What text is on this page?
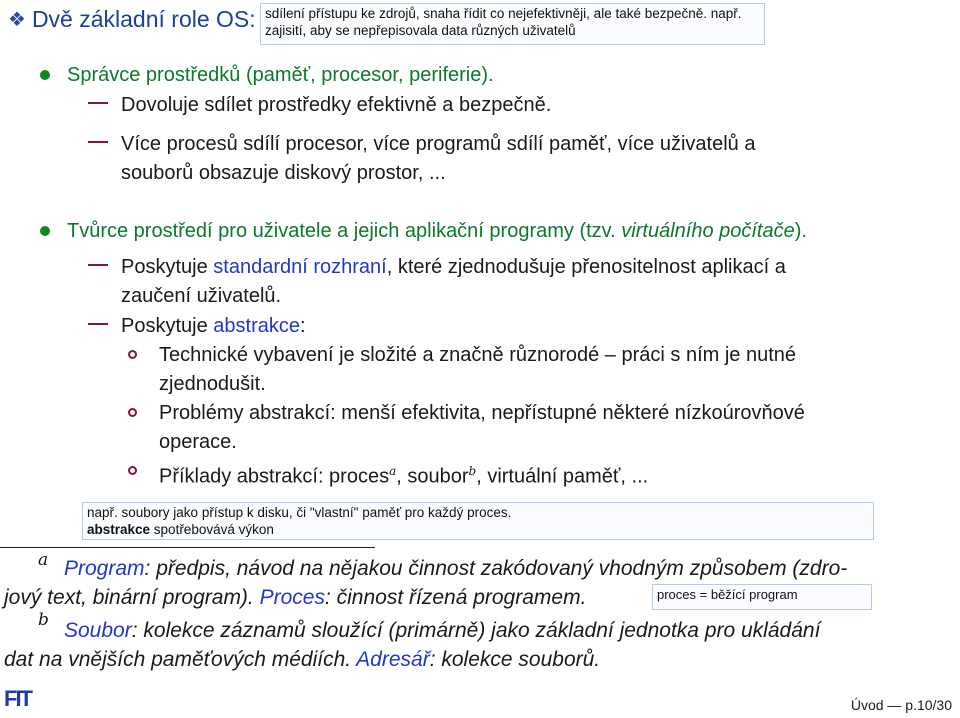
❖ Dvě základní role OS: sdílení přístupu ke zdrojů, snaha řídit co nejefektivněji, ale také bezpečně. např. zajisití, aby se nepřepisovala data různých uživatelů
Správce prostředků (paměť, procesor, periferie).
Dovoluje sdílet prostředky efektivně a bezpečně.
Více procesů sdílí procesor, více programů sdílí paměť, více uživatelů a
souborů obsazuje diskový prostor, ...
Tvůrce prostředí pro uživatele a jejich aplikační programy (tzv. virtuálního počítače).
Poskytuje standardní rozhraní, které zjednodušuje přenositelnost aplikací a
zaučení uživatelů.
Poskytuje abstrakce:
Technické vybavení je složité a značně různorodé – práci s ním je nutné
zjednodušit.
Problémy abstrakcí: menší efektivita, nepřístupné některé nízkoúrovňové
operace.
Příklady abstrakcí: proces$^a$, soubor$^b$, virtuální paměť, ...
např. soubory jako přístup k disku, či "vlastní" paměť pro každý proces.
abstrakce spotřebovává výkon
a Program: předpis, návod na nějakou činnost zakódovaný vhodným způsobem (zdro-
jový text, binární program). Proces: činnost řízená programem.	proces = běžící program
b Soubor: kolekce záznamů sloužící (primárně) jako základní jednotka pro ukládání
dat na vnějších paměťových médiích. Adresář: kolekce souborů.
FIT	Úvod — p.10/30
